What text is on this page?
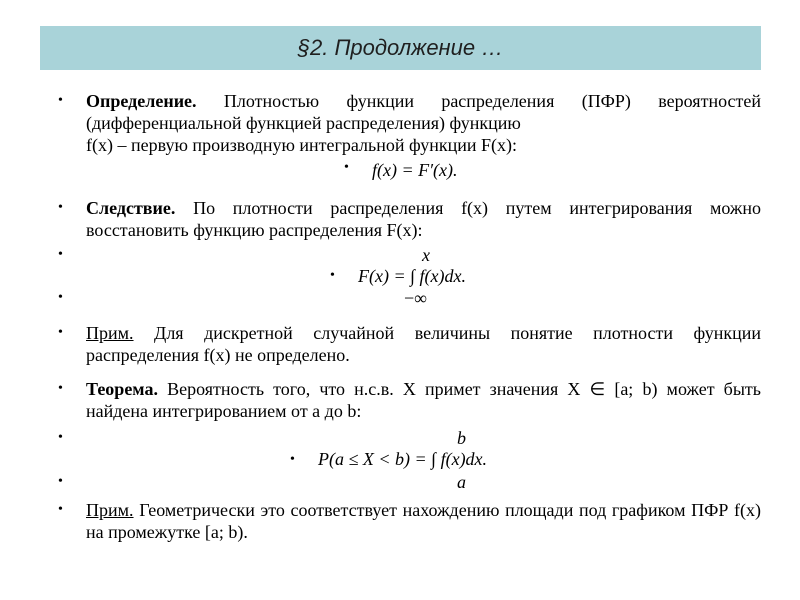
§2. Продолжение …
• Определение. Плотностью функции распределения (ПФР) вероятностей (дифференциальной функцией распределения) функцию
f(x) – первую производную интегральной функции F(x):
• f(x) = F′(x).
• Следствие. По плотности распределения f(x) путем интегрирования можно восстановить функцию распределения F(x):
•	x
• F(x) = ∫ f(x)dx.
•	−∞
• Прим. Для дискретной случайной величины понятие плотности функции распределения f(x) не определено.
• Теорема. Вероятность того, что н.с.в. X примет значения X ∈ [a; b) может быть найдена интегрированием от a до b:
•	b
• P(a ≤ X < b) = ∫ f(x)dx.
•	a
• Прим. Геометрически это соответствует нахождению площади под графиком ПФР f(x) на промежутке [a; b).
